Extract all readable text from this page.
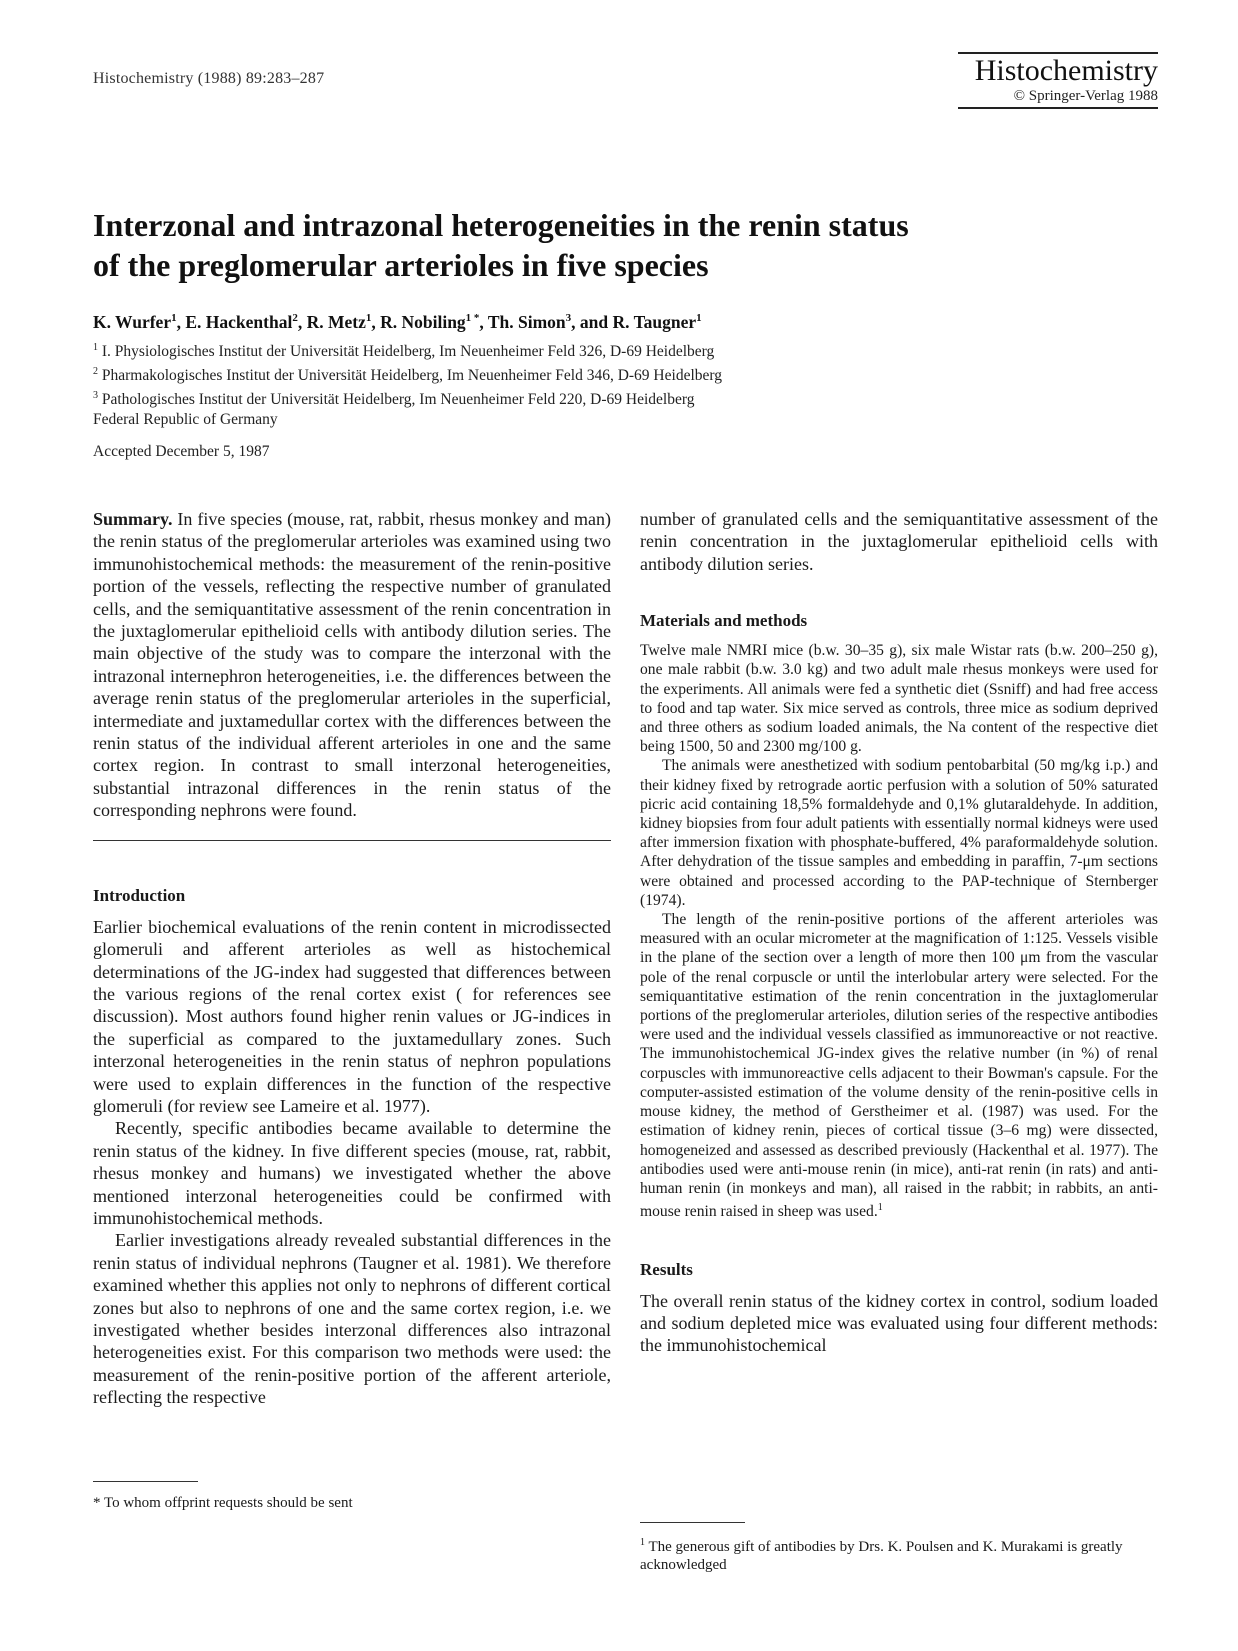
Histochemistry (1988) 89:283–287	Histochemistry
© Springer-Verlag 1988
Interzonal and intrazonal heterogeneities in the renin status
of the preglomerular arterioles in five species
K. Wurfer$^1$, E. Hackenthal$^2$, R. Metz$^1$, R. Nobiling$^{1 *}$, Th. Simon$^3$, and R. Taugner$^1$
$^1$ I. Physiologisches Institut der Universität Heidelberg, Im Neuenheimer Feld 326, D-69 Heidelberg
$^2$ Pharmakologisches Institut der Universität Heidelberg, Im Neuenheimer Feld 346, D-69 Heidelberg
$^3$ Pathologisches Institut der Universität Heidelberg, Im Neuenheimer Feld 220, D-69 Heidelberg
Federal Republic of Germany
Accepted December 5, 1987

Summary. In five species (mouse, rat, rabbit, rhesus monkey and man) the renin status of the preglomerular arterioles was examined using two immunohistochemical methods: the measurement of the renin-positive portion of the vessels, reflecting the respective number of granulated cells, and the semiquantitative assessment of the renin concentration in the juxtaglomerular epithelioid cells with antibody dilution series. The main objective of the study was to compare the interzonal with the intrazonal internephron heterogeneities, i.e. the differences between the average renin status of the preglomerular arterioles in the superficial, intermediate and juxtamedullar cortex with the differences between the renin status of the individual afferent arterioles in one and the same cortex region. In contrast to small interzonal heterogeneities, substantial intrazonal differences in the renin status of the corresponding nephrons were found.

Introduction

Earlier biochemical evaluations of the renin content in microdissected glomeruli and afferent arterioles as well as histochemical determinations of the JG-index had suggested that differences between the various regions of the renal cortex exist ( for references see discussion). Most authors found higher renin values or JG-indices in the superficial as compared to the juxtamedullary zones. Such interzonal heterogeneities in the renin status of nephron populations were used to explain differences in the function of the respective glomeruli (for review see Lameire et al. 1977).

Recently, specific antibodies became available to determine the renin status of the kidney. In five different species (mouse, rat, rabbit, rhesus monkey and humans) we investigated whether the above mentioned interzonal heterogeneities could be confirmed with immunohistochemical methods.

Earlier investigations already revealed substantial differences in the renin status of individual nephrons (Taugner et al. 1981). We therefore examined whether this applies not only to nephrons of different cortical zones but also to nephrons of one and the same cortex region, i.e. we investigated whether besides interzonal differences also intrazonal heterogeneities exist. For this comparison two methods were used: the measurement of the renin-positive portion of the afferent arteriole, reflecting the respective

* To whom offprint requests should be sent

number of granulated cells and the semiquantitative assessment of the renin concentration in the juxtaglomerular epithelioid cells with antibody dilution series.

Materials and methods

Twelve male NMRI mice (b.w. 30–35 g), six male Wistar rats (b.w. 200–250 g), one male rabbit (b.w. 3.0 kg) and two adult male rhesus monkeys were used for the experiments. All animals were fed a synthetic diet (Ssniff) and had free access to food and tap water. Six mice served as controls, three mice as sodium deprived and three others as sodium loaded animals, the Na content of the respective diet being 1500, 50 and 2300 mg/100 g.

The animals were anesthetized with sodium pentobarbital (50 mg/kg i.p.) and their kidney fixed by retrograde aortic perfusion with a solution of 50% saturated picric acid containing 18,5% formaldehyde and 0,1% glutaraldehyde. In addition, kidney biopsies from four adult patients with essentially normal kidneys were used after immersion fixation with phosphate-buffered, 4% paraformaldehyde solution. After dehydration of the tissue samples and embedding in paraffin, 7-μm sections were obtained and processed according to the PAP-technique of Sternberger (1974).

The length of the renin-positive portions of the afferent arterioles was measured with an ocular micrometer at the magnification of 1:125. Vessels visible in the plane of the section over a length of more then 100 μm from the vascular pole of the renal corpuscle or until the interlobular artery were selected. For the semiquantitative estimation of the renin concentration in the juxtaglomerular portions of the preglomerular arterioles, dilution series of the respective antibodies were used and the individual vessels classified as immunoreactive or not reactive. The immunohistochemical JG-index gives the relative number (in %) of renal corpuscles with immunoreactive cells adjacent to their Bowman's capsule. For the computer-assisted estimation of the volume density of the renin-positive cells in mouse kidney, the method of Gerstheimer et al. (1987) was used. For the estimation of kidney renin, pieces of cortical tissue (3–6 mg) were dissected, homogeneized and assessed as described previously (Hackenthal et al. 1977). The antibodies used were anti-mouse renin (in mice), anti-rat renin (in rats) and anti-human renin (in monkeys and man), all raised in the rabbit; in rabbits, an anti-mouse renin raised in sheep was used.$^1$

Results

The overall renin status of the kidney cortex in control, sodium loaded and sodium depleted mice was evaluated using four different methods: the immunohistochemical

$^1$ The generous gift of antibodies by Drs. K. Poulsen and K. Murakami is greatly acknowledged
